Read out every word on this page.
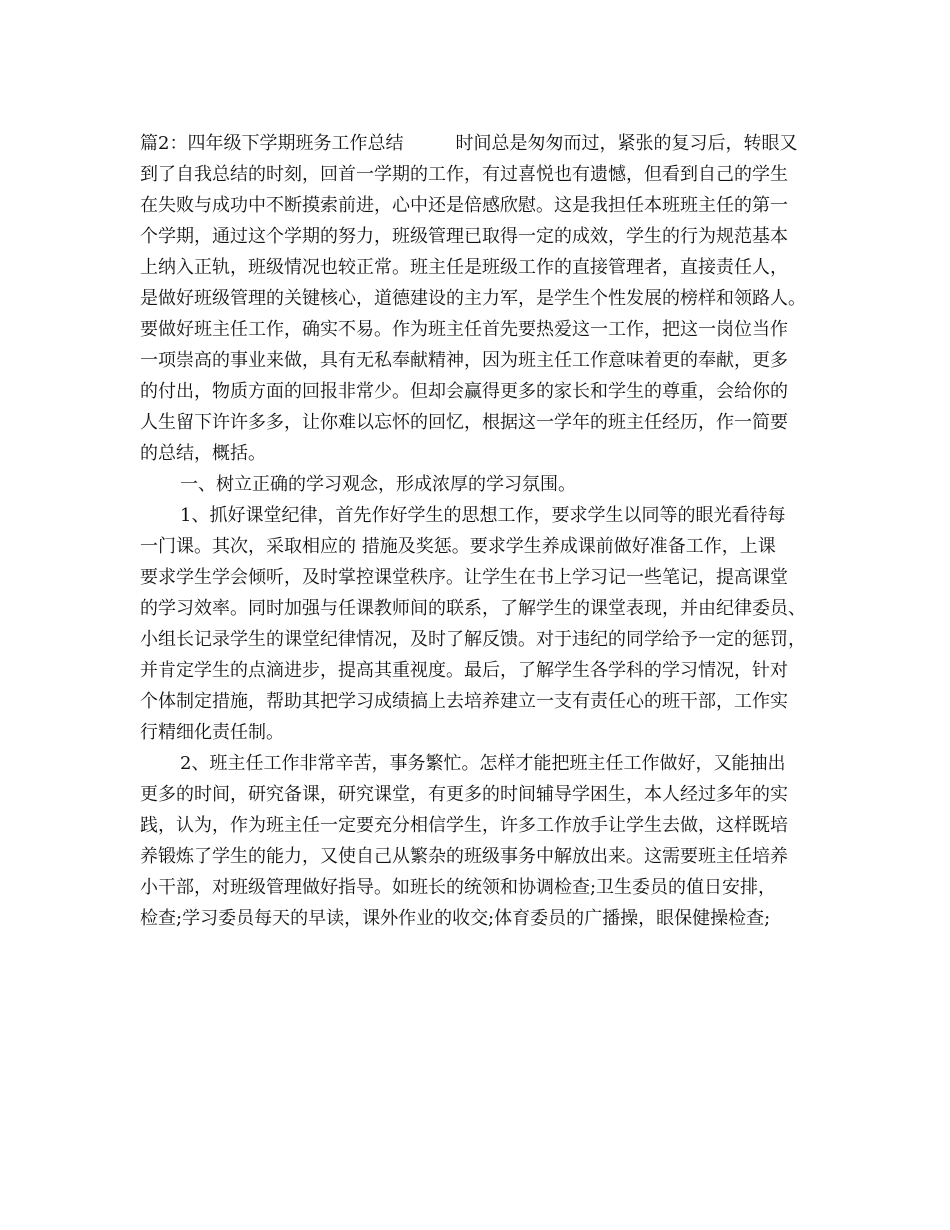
篇2：四年级下学期班务工作总结	时间总是匆匆而过，紧张的复习后，转眼又
到了自我总结的时刻，回首一学期的工作，有过喜悦也有遗憾，但看到自己的学生
在失败与成功中不断摸索前进，心中还是倍感欣慰。这是我担任本班班主任的第一
个学期，通过这个学期的努力，班级管理已取得一定的成效，学生的行为规范基本
上纳入正轨，班级情况也较正常。班主任是班级工作的直接管理者，直接责任人，
是做好班级管理的关键核心，道德建设的主力军，是学生个性发展的榜样和领路人。
要做好班主任工作，确实不易。作为班主任首先要热爱这一工作，把这一岗位当作
一项崇高的事业来做，具有无私奉献精神，因为班主任工作意味着更的奉献，更多
的付出，物质方面的回报非常少。但却会赢得更多的家长和学生的尊重，会给你的
人生留下许许多多，让你难以忘怀的回忆，根据这一学年的班主任经历，作一简要
的总结，概括。
一、树立正确的学习观念，形成浓厚的学习氛围。
1、抓好课堂纪律，首先作好学生的思想工作，要求学生以同等的眼光看待每
一门课。其次，采取相应的 措施及奖惩。要求学生养成课前做好准备工作，上课
要求学生学会倾听，及时掌控课堂秩序。让学生在书上学习记一些笔记，提高课堂
的学习效率。同时加强与任课教师间的联系，了解学生的课堂表现，并由纪律委员、
小组长记录学生的课堂纪律情况，及时了解反馈。对于违纪的同学给予一定的惩罚，
并肯定学生的点滴进步，提高其重视度。最后，了解学生各学科的学习情况，针对
个体制定措施，帮助其把学习成绩搞上去培养建立一支有责任心的班干部，工作实
行精细化责任制。
2、班主任工作非常辛苦，事务繁忙。怎样才能把班主任工作做好，又能抽出
更多的时间，研究备课，研究课堂，有更多的时间辅导学困生，本人经过多年的实
践，认为，作为班主任一定要充分相信学生，许多工作放手让学生去做，这样既培
养锻炼了学生的能力，又使自己从繁杂的班级事务中解放出来。这需要班主任培养
小干部，对班级管理做好指导。如班长的统领和协调检查;卫生委员的值日安排，
检查;学习委员每天的早读，课外作业的收交;体育委员的广播操，眼保健操检查;
